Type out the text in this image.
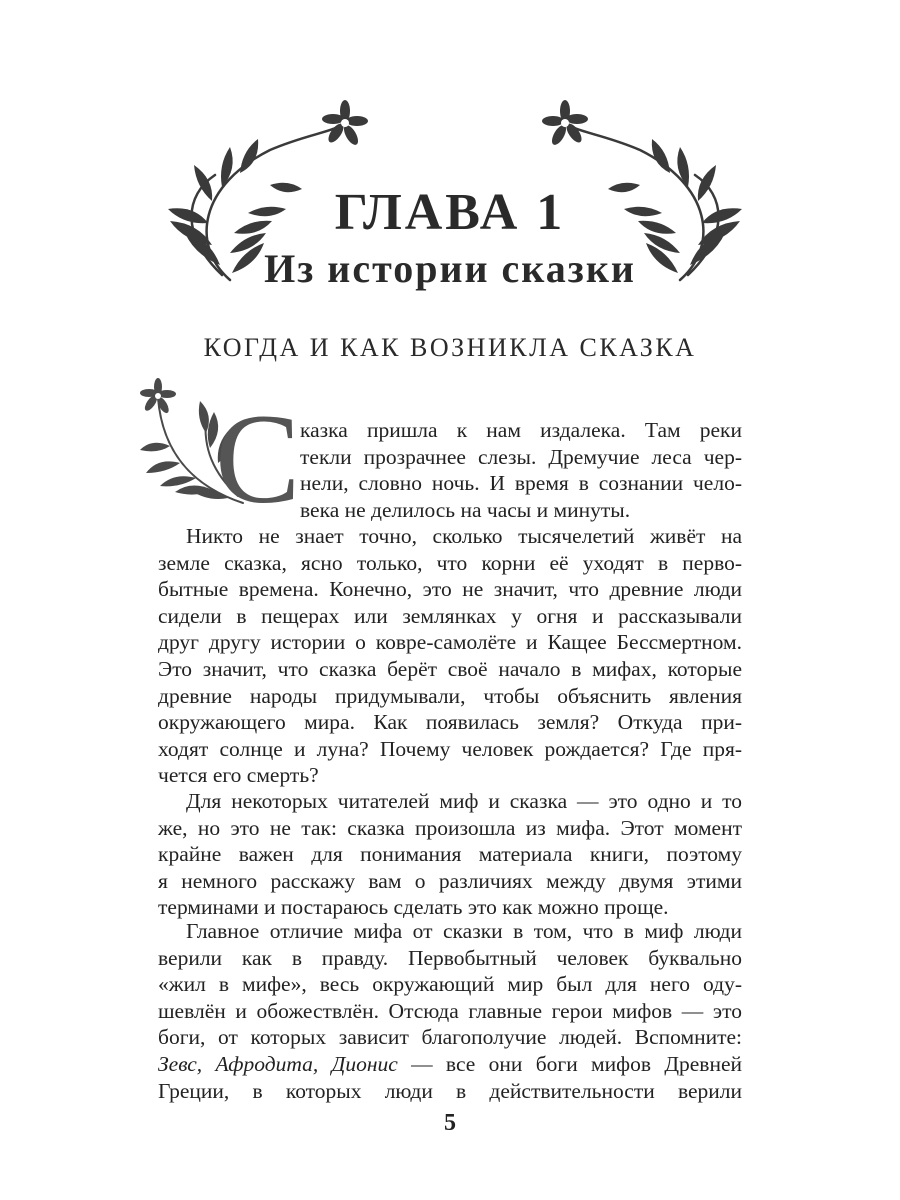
ГЛАВА 1
Из истории сказки
КОГДА И КАК ВОЗНИКЛА СКАЗКА
С казка пришла к нам издалека. Там реки
текли прозрачнее слезы. Дремучие леса чер-
нели, словно ночь. И время в сознании чело-
века не делилось на часы и минуты.
Никто не знает точно, сколько тысячелетий живёт на
земле сказка, ясно только, что корни её уходят в перво-
бытные времена. Конечно, это не значит, что древние люди
сидели в пещерах или землянках у огня и рассказывали
друг другу истории о ковре-самолёте и Кащее Бессмертном.
Это значит, что сказка берёт своё начало в мифах, которые
древние народы придумывали, чтобы объяснить явления
окружающего мира. Как появилась земля? Откуда при-
ходят солнце и луна? Почему человек рождается? Где пря-
чется его смерть?
Для некоторых читателей миф и сказка — это одно и то
же, но это не так: сказка произошла из мифа. Этот момент
крайне важен для понимания материала книги, поэтому
я немного расскажу вам о различиях между двумя этими
терминами и постараюсь сделать это как можно проще.
Главное отличие мифа от сказки в том, что в миф люди
верили как в правду. Первобытный человек буквально
«жил в мифе», весь окружающий мир был для него оду-
шевлён и обожествлён. Отсюда главные герои мифов — это
боги, от которых зависит благополучие людей. Вспомните:
Зевс, Афродита, Дионис — все они боги мифов Древней
Греции, в которых люди в действительности верили
5
